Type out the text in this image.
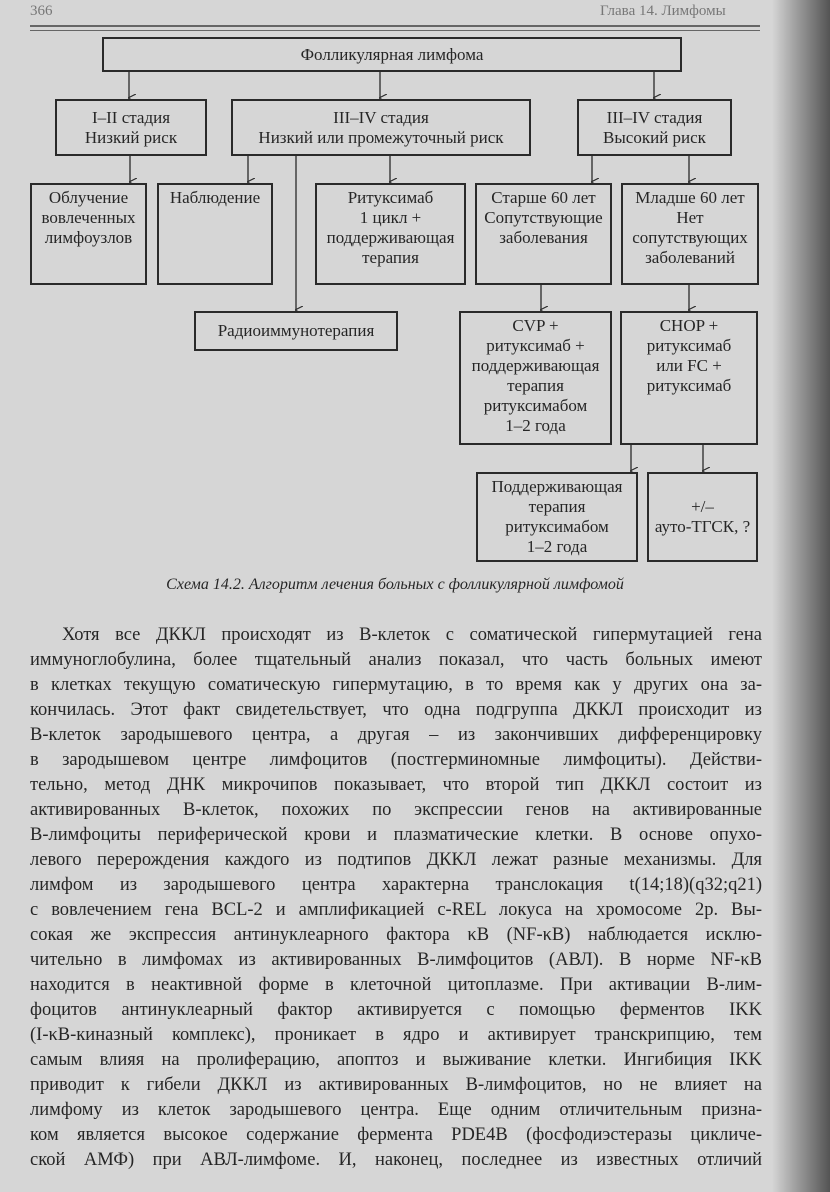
366	Глава 14. Лимфомы
Фолликулярная лимфома
I–II стадия
Низкий риск
III–IV стадия
Низкий или промежуточный риск
III–IV стадия
Высокий риск
Облучение
вовлеченных
лимфоузлов
Наблюдение	Ритуксимаб
1 цикл +
поддерживающая
терапия
Старше 60 лет
Сопутствующие
заболевания
Младше 60 лет
Нет
сопутствующих
заболеваний
Радиоиммунотерапия	CVP +
ритуксимаб +
поддерживающая
терапия
ритуксимабом
1–2 года
CHOP +
ритуксимаб
или FC +
ритуксимаб
Поддерживающая
терапия
ритуксимабом
1–2 года
+/–
ауто-ТГСК, ?
Схема 14.2. Алгоритм лечения больных с фолликулярной лимфомой
Хотя все ДККЛ происходят из В-клеток с соматической гипермутацией гена
иммуноглобулина, более тщательный анализ показал, что часть больных имеют
в клетках текущую соматическую гипермутацию, в то время как у других она за-
кончилась. Этот факт свидетельствует, что одна подгруппа ДККЛ происходит из
В-клеток зародышевого центра, а другая – из закончивших дифференцировку
в зародышевом центре лимфоцитов (постгерминомные лимфоциты). Действи-
тельно, метод ДНК микрочипов показывает, что второй тип ДККЛ состоит из
активированных В-клеток, похожих по экспрессии генов на активированные
В-лимфоциты периферической крови и плазматические клетки. В основе опухо-
левого перерождения каждого из подтипов ДККЛ лежат разные механизмы. Для
лимфом из зародышевого центра характерна транслокация t(14;18)(q32;q21)
с вовлечением гена BCL-2 и амплификацией c-REL локуса на хромосоме 2p. Вы-
сокая же экспрессия антинуклеарного фактора κB (NF-κB) наблюдается исклю-
чительно в лимфомах из активированных В-лимфоцитов (АВЛ). В норме NF-κB
находится в неактивной форме в клеточной цитоплазме. При активации В-лим-
фоцитов антинуклеарный фактор активируется с помощью ферментов IKK
(I-κB-киназный комплекс), проникает в ядро и активирует транскрипцию, тем
самым влияя на пролиферацию, апоптоз и выживание клетки. Ингибиция IKK
приводит к гибели ДККЛ из активированных В-лимфоцитов, но не влияет на
лимфому из клеток зародышевого центра. Еще одним отличительным призна-
ком является высокое содержание фермента PDE4B (фосфодиэстеразы цикличе-
ской АМФ) при АВЛ-лимфоме. И, наконец, последнее из известных отличий
